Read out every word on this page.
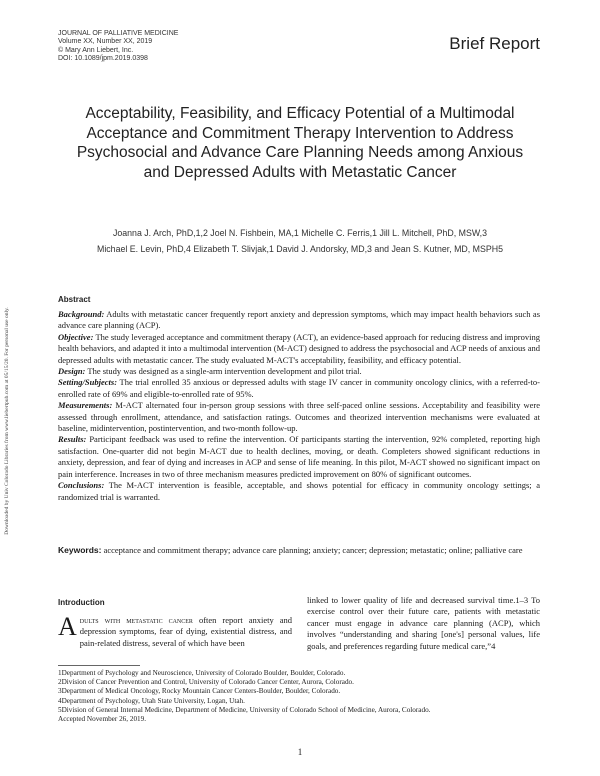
JOURNAL OF PALLIATIVE MEDICINE
Volume XX, Number XX, 2019
© Mary Ann Liebert, Inc.
DOI: 10.1089/jpm.2019.0398
Brief Report
Acceptability, Feasibility, and Efficacy Potential of a Multimodal Acceptance and Commitment Therapy Intervention to Address Psychosocial and Advance Care Planning Needs among Anxious and Depressed Adults with Metastatic Cancer
Joanna J. Arch, PhD,1,2 Joel N. Fishbein, MA,1 Michelle C. Ferris,1 Jill L. Mitchell, PhD, MSW,3
Michael E. Levin, PhD,4 Elizabeth T. Slivjak,1 David J. Andorsky, MD,3 and Jean S. Kutner, MD, MSPH5
Downloaded by Univ Colorado Libraries from www.liebertpub.com at 05/15/20. For personal use only.
Abstract

Background: Adults with metastatic cancer frequently report anxiety and depression symptoms, which may impact health behaviors such as advance care planning (ACP).

Objective: The study leveraged acceptance and commitment therapy (ACT), an evidence-based approach for reducing distress and improving health behaviors, and adapted it into a multimodal intervention (M-ACT) designed to address the psychosocial and ACP needs of anxious and depressed adults with metastatic cancer. The study evaluated M-ACT's acceptability, feasibility, and efficacy potential.

Design: The study was designed as a single-arm intervention development and pilot trial.

Setting/Subjects: The trial enrolled 35 anxious or depressed adults with stage IV cancer in community oncology clinics, with a referred-to-enrolled rate of 69% and eligible-to-enrolled rate of 95%.

Measurements: M-ACT alternated four in-person group sessions with three self-paced online sessions. Acceptability and feasibility were assessed through enrollment, attendance, and satisfaction ratings. Outcomes and theorized intervention mechanisms were evaluated at baseline, midintervention, postintervention, and two-month follow-up.

Results: Participant feedback was used to refine the intervention. Of participants starting the intervention, 92% completed, reporting high satisfaction. One-quarter did not begin M-ACT due to health declines, moving, or death. Completers showed significant reductions in anxiety, depression, and fear of dying and increases in ACP and sense of life meaning. In this pilot, M-ACT showed no significant impact on pain interference. Increases in two of three mechanism measures predicted improvement on 80% of significant outcomes.

Conclusions: The M-ACT intervention is feasible, acceptable, and shows potential for efficacy in community oncology settings; a randomized trial is warranted.

Keywords: acceptance and commitment therapy; advance care planning; anxiety; cancer; depression; metastatic; online; palliative care
Introduction
Adults with metastatic cancer often report anxiety and depression symptoms, fear of dying, existential distress, and pain-related distress, several of which have been
linked to lower quality of life and decreased survival time.1–3 To exercise control over their future care, patients with metastatic cancer must engage in advance care planning (ACP), which involves “understanding and sharing [one's] personal values, life goals, and preferences regarding future medical care,”4
1Department of Psychology and Neuroscience, University of Colorado Boulder, Boulder, Colorado.
2Division of Cancer Prevention and Control, University of Colorado Cancer Center, Aurora, Colorado.
3Department of Medical Oncology, Rocky Mountain Cancer Centers-Boulder, Boulder, Colorado.
4Department of Psychology, Utah State University, Logan, Utah.
5Division of General Internal Medicine, Department of Medicine, University of Colorado School of Medicine, Aurora, Colorado.
Accepted November 26, 2019.
1
